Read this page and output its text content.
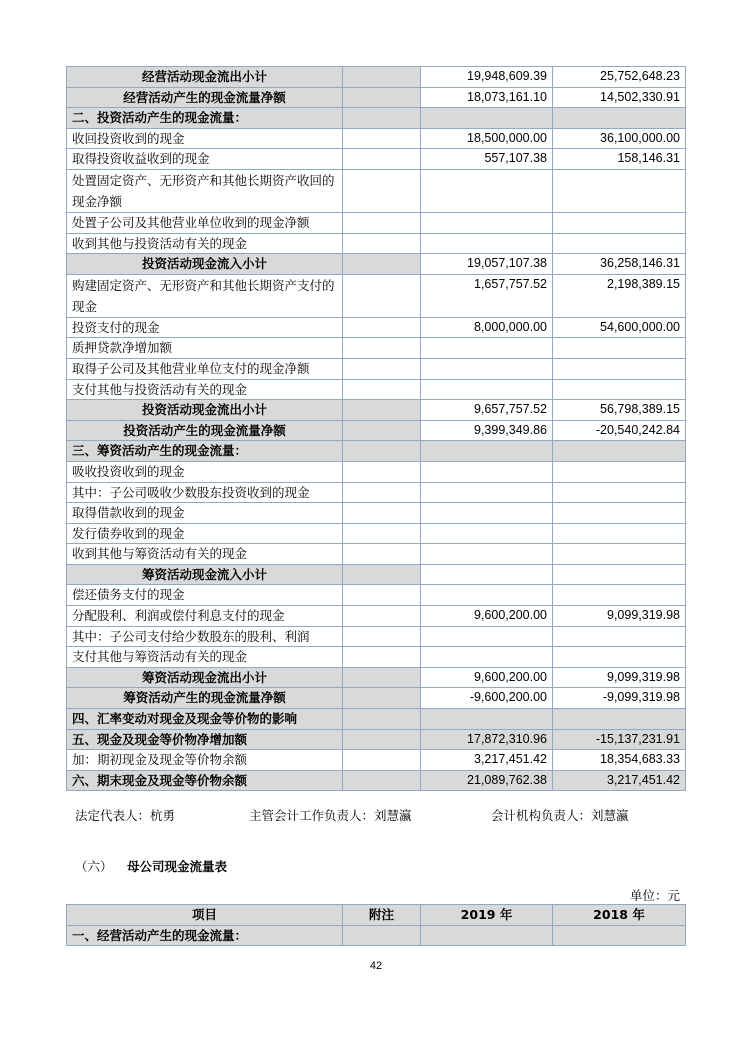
经营活动现金流出小计		19,948,609.39	25,752,648.23
经营活动产生的现金流量净额		18,073,161.10	14,502,330.91
二、投资活动产生的现金流量：			
收回投资收到的现金		18,500,000.00	36,100,000.00
取得投资收益收到的现金		557,107.38	158,146.31
处置固定资产、无形资产和其他长期资产收回的现金净额			
处置子公司及其他营业单位收到的现金净额			
收到其他与投资活动有关的现金			
投资活动现金流入小计		19,057,107.38	36,258,146.31
购建固定资产、无形资产和其他长期资产支付的现金		1,657,757.52	2,198,389.15
投资支付的现金		8,000,000.00	54,600,000.00
质押贷款净增加额			
取得子公司及其他营业单位支付的现金净额			
支付其他与投资活动有关的现金			
投资活动现金流出小计		9,657,757.52	56,798,389.15
投资活动产生的现金流量净额		9,399,349.86	-20,540,242.84
三、筹资活动产生的现金流量：			
吸收投资收到的现金			
其中：子公司吸收少数股东投资收到的现金			
取得借款收到的现金			
发行债券收到的现金			
收到其他与筹资活动有关的现金			
筹资活动现金流入小计			
偿还债务支付的现金			
分配股利、利润或偿付利息支付的现金		9,600,200.00	9,099,319.98
其中：子公司支付给少数股东的股利、利润			
支付其他与筹资活动有关的现金			
筹资活动现金流出小计		9,600,200.00	9,099,319.98
筹资活动产生的现金流量净额		-9,600,200.00	-9,099,319.98
四、汇率变动对现金及现金等价物的影响			
五、现金及现金等价物净增加额		17,872,310.96	-15,137,231.91
加：期初现金及现金等价物余额		3,217,451.42	18,354,683.33
六、期末现金及现金等价物余额		21,089,762.38	3,217,451.42
法定代表人：杭勇	主管会计工作负责人：刘慧瀛	会计机构负责人：刘慧瀛
（六） 母公司现金流量表
单位：元
项目	附注	2019 年	2018 年
一、经营活动产生的现金流量：			
42
